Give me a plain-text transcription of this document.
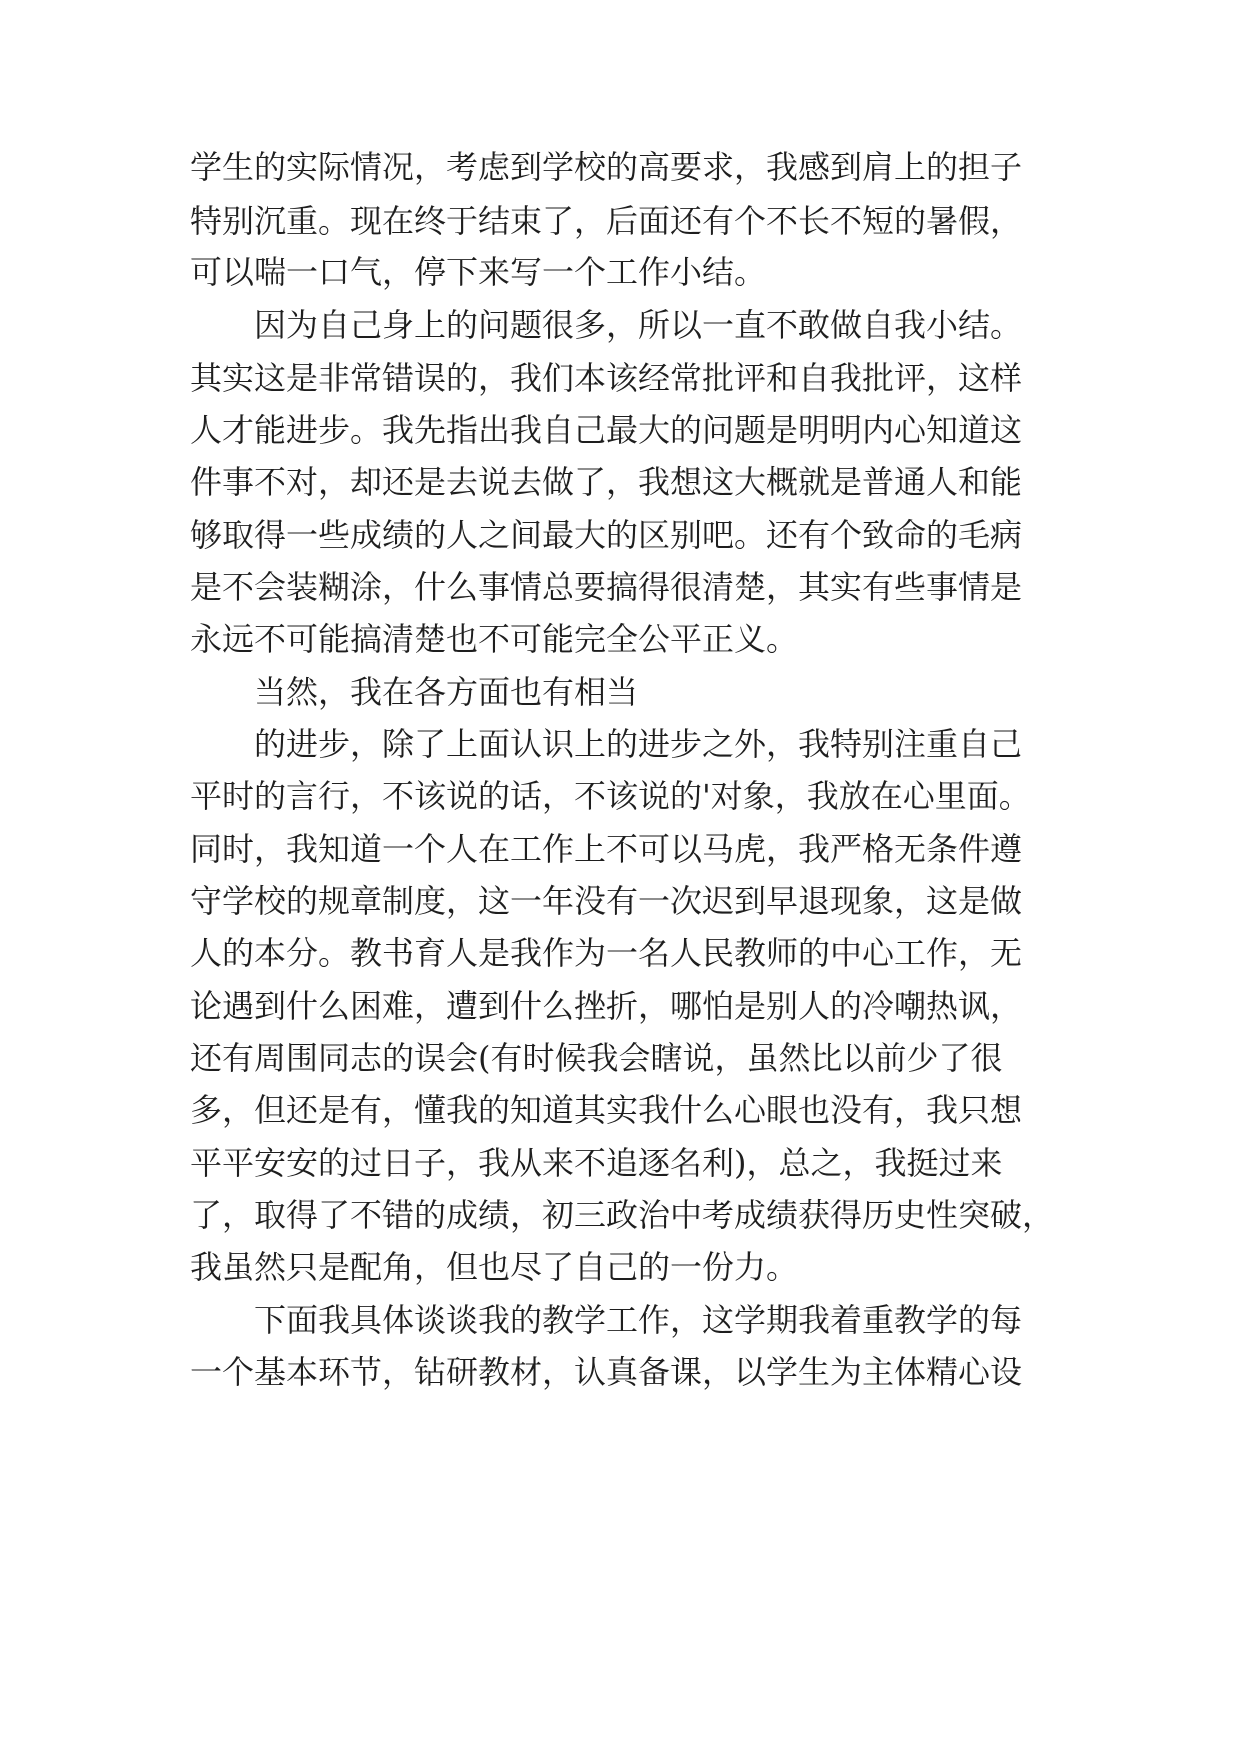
学生的实际情况，考虑到学校的高要求，我感到肩上的担子
特别沉重。现在终于结束了，后面还有个不长不短的暑假，
可以喘一口气，停下来写一个工作小结。
因为自己身上的问题很多，所以一直不敢做自我小结。
其实这是非常错误的，我们本该经常批评和自我批评，这样
人才能进步。我先指出我自己最大的问题是明明内心知道这
件事不对，却还是去说去做了，我想这大概就是普通人和能
够取得一些成绩的人之间最大的区别吧。还有个致命的毛病
是不会装糊涂，什么事情总要搞得很清楚，其实有些事情是
永远不可能搞清楚也不可能完全公平正义。
当然，我在各方面也有相当
的进步，除了上面认识上的进步之外，我特别注重自己
平时的言行，不该说的话，不该说的'对象，我放在心里面。
同时，我知道一个人在工作上不可以马虎，我严格无条件遵
守学校的规章制度，这一年没有一次迟到早退现象，这是做
人的本分。教书育人是我作为一名人民教师的中心工作，无
论遇到什么困难，遭到什么挫折，哪怕是别人的冷嘲热讽，
还有周围同志的误会(有时候我会瞎说，虽然比以前少了很
多，但还是有，懂我的知道其实我什么心眼也没有，我只想
平平安安的过日子，我从来不追逐名利)，总之，我挺过来
了，取得了不错的成绩，初三政治中考成绩获得历史性突破，
我虽然只是配角，但也尽了自己的一份力。
下面我具体谈谈我的教学工作，这学期我着重教学的每
一个基本环节，钻研教材，认真备课，以学生为主体精心设
